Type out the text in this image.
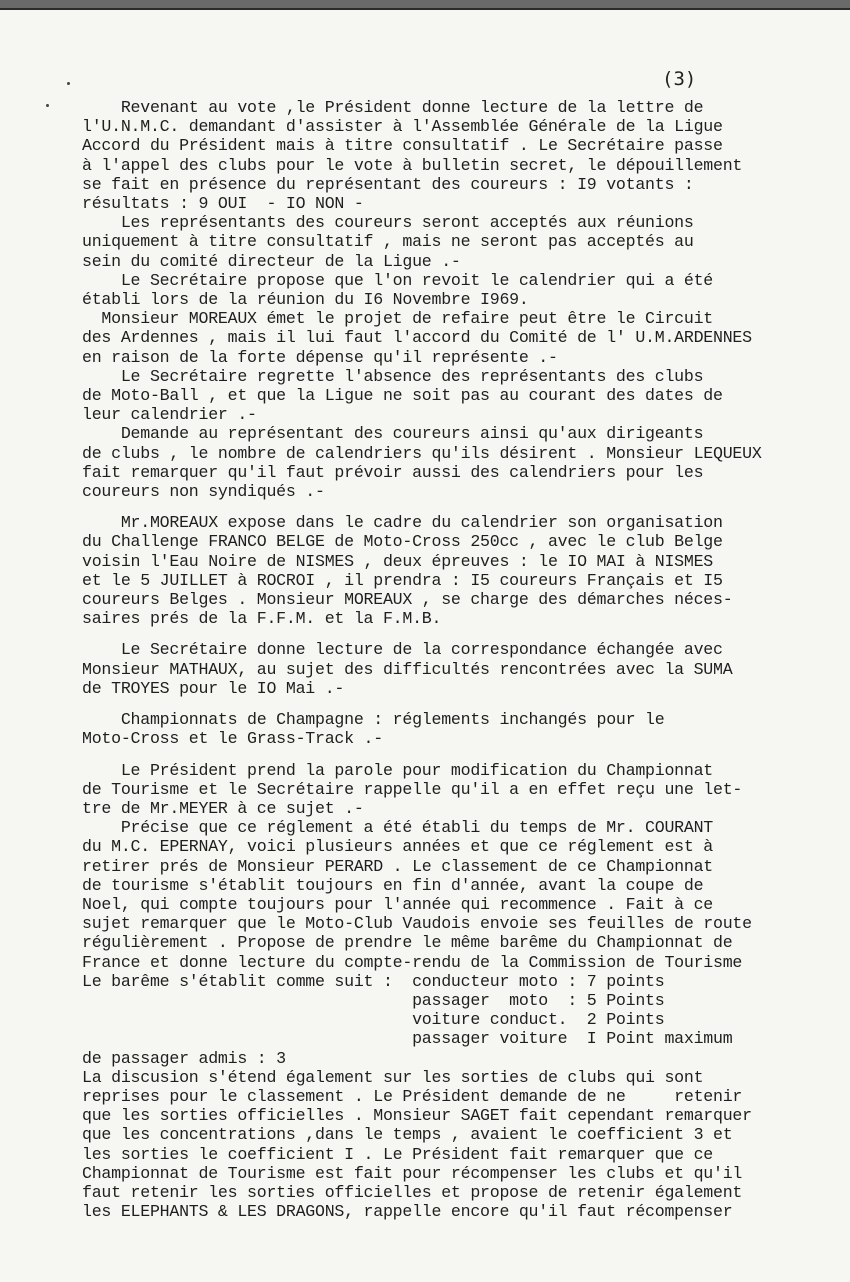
(3)
Revenant au vote ,le Président donne lecture de la lettre de
l'U.N.M.C. demandant d'assister à l'Assemblée Générale de la Ligue
Accord du Président mais à titre consultatif . Le Secrétaire passe
à l'appel des clubs pour le vote à bulletin secret, le dépouillement
se fait en présence du représentant des coureurs : I9 votants :
résultats : 9 OUI  - IO NON -
Les représentants des coureurs seront acceptés aux réunions
uniquement à titre consultatif , mais ne seront pas acceptés au
sein du comité directeur de la Ligue .-
Le Secrétaire propose que l'on revoit le calendrier qui a été
établi lors de la réunion du I6 Novembre I969.
Monsieur MOREAUX émet le projet de refaire peut être le Circuit
des Ardennes , mais il lui faut l'accord du Comité de l' U.M.ARDENNES
en raison de la forte dépense qu'il représente .-
Le Secrétaire regrette l'absence des représentants des clubs
de Moto-Ball , et que la Ligue ne soit pas au courant des dates de
leur calendrier .-
Demande au représentant des coureurs ainsi qu'aux dirigeants
de clubs , le nombre de calendriers qu'ils désirent . Monsieur LEQUEUX
fait remarquer qu'il faut prévoir aussi des calendriers pour les
coureurs non syndiqués .-
Mr.MOREAUX expose dans le cadre du calendrier son organisation
du Challenge FRANCO BELGE de Moto-Cross 250cc , avec le club Belge
voisin l'Eau Noire de NISMES , deux épreuves : le IO MAI à NISMES
et le 5 JUILLET à ROCROI , il prendra : I5 coureurs Français et I5
coureurs Belges . Monsieur MOREAUX , se charge des démarches néces-
saires prés de la F.F.M. et la F.M.B.
Le Secrétaire donne lecture de la correspondance échangée avec
Monsieur MATHAUX, au sujet des difficultés rencontrées avec la SUMA
de TROYES pour le IO Mai .-
Championnats de Champagne : réglements inchangés pour le
Moto-Cross et le Grass-Track .-
Le Président prend la parole pour modification du Championnat
de Tourisme et le Secrétaire rappelle qu'il a en effet reçu une let-
tre de Mr.MEYER à ce sujet .-
Précise que ce réglement a été établi du temps de Mr. COURANT
du M.C. EPERNAY, voici plusieurs années et que ce réglement est à
retirer prés de Monsieur PERARD . Le classement de ce Championnat
de tourisme s'établit toujours en fin d'année, avant la coupe de
Noel, qui compte toujours pour l'année qui recommence . Fait à ce
sujet remarquer que le Moto-Club Vaudois envoie ses feuilles de route
régulièrement . Propose de prendre le même barême du Championnat de
France et donne lecture du compte-rendu de la Commission de Tourisme
Le barême s'établit comme suit :  conducteur moto : 7 points
passager  moto  : 5 Points
voiture conduct.  2 Points
passager voiture  I Point maximum
de passager admis : 3
La discusion s'étend également sur les sorties de clubs qui sont
reprises pour le classement . Le Président demande de ne     retenir
que les sorties officielles . Monsieur SAGET fait cependant remarquer
que les concentrations ,dans le temps , avaient le coefficient 3 et
les sorties le coefficient I . Le Président fait remarquer que ce
Championnat de Tourisme est fait pour récompenser les clubs et qu'il
faut retenir les sorties officielles et propose de retenir également
les ELEPHANTS & LES DRAGONS, rappelle encore qu'il faut récompenser
